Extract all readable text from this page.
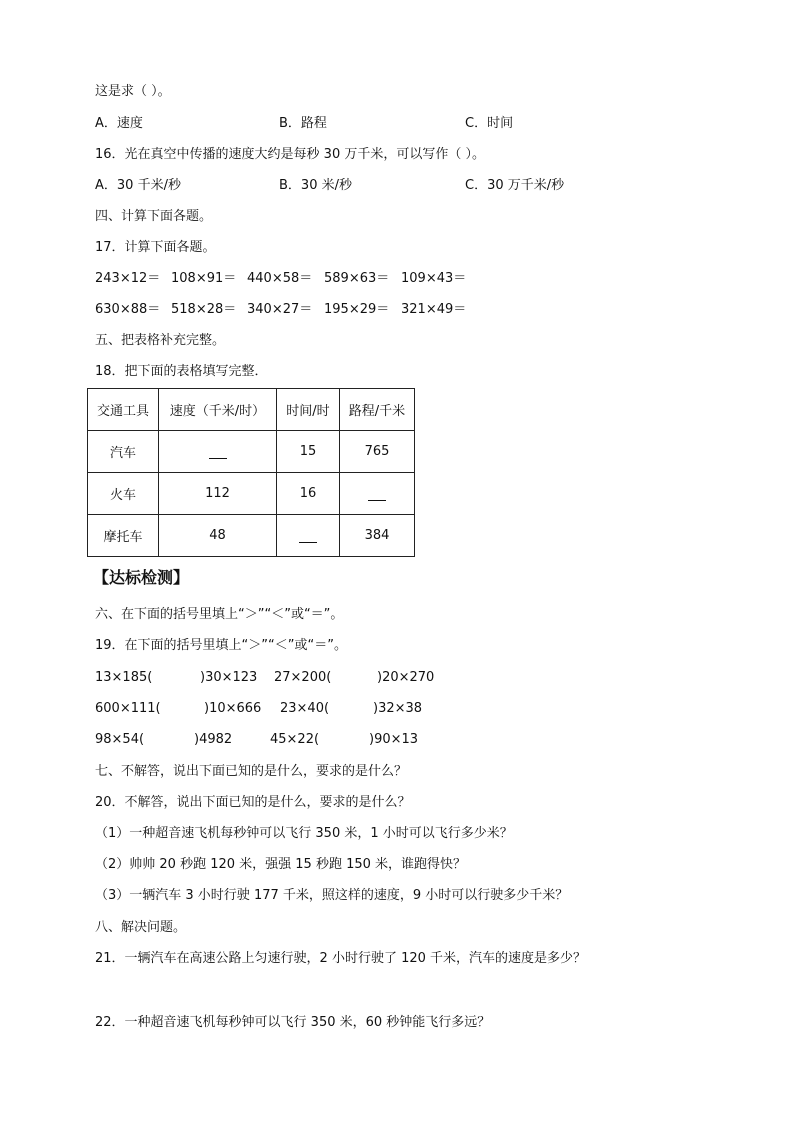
这是求（ ）。
A．速度	B．路程	C．时间
16．光在真空中传播的速度大约是每秒 30 万千米，可以写作（ ）。
A．30 千米/秒	B．30 米/秒	C．30 万千米/秒
四、计算下面各题。
17．计算下面各题。
243×12＝ 108×91＝ 440×58＝ 589×63＝ 109×43＝
630×88＝ 518×28＝ 340×27＝ 195×29＝ 321×49＝
五、把表格补充完整。
18．把下面的表格填写完整．
交通工具	速度（千米/时）	时间/时	路程/千米
汽车		15	765
火车	112	16	
摩托车	48		384
【达标检测】
六、在下面的括号里填上“＞”“＜”或“＝”。
19．在下面的括号里填上“＞”“＜”或“＝”。
13×185(	)30×123 27×200(	)20×270
600×111(	)10×666 23×40(	)32×38
98×54(	)4982	45×22(	)90×13
七、不解答，说出下面已知的是什么，要求的是什么？
20．不解答，说出下面已知的是什么，要求的是什么？
（1）一种超音速飞机每秒钟可以飞行 350 米，1 小时可以飞行多少米？
（2）帅帅 20 秒跑 120 米，强强 15 秒跑 150 米，谁跑得快？
（3）一辆汽车 3 小时行驶 177 千米，照这样的速度，9 小时可以行驶多少千米？
八、解决问题。
21．一辆汽车在高速公路上匀速行驶，2 小时行驶了 120 千米，汽车的速度是多少？
22．一种超音速飞机每秒钟可以飞行 350 米，60 秒钟能飞行多远？
